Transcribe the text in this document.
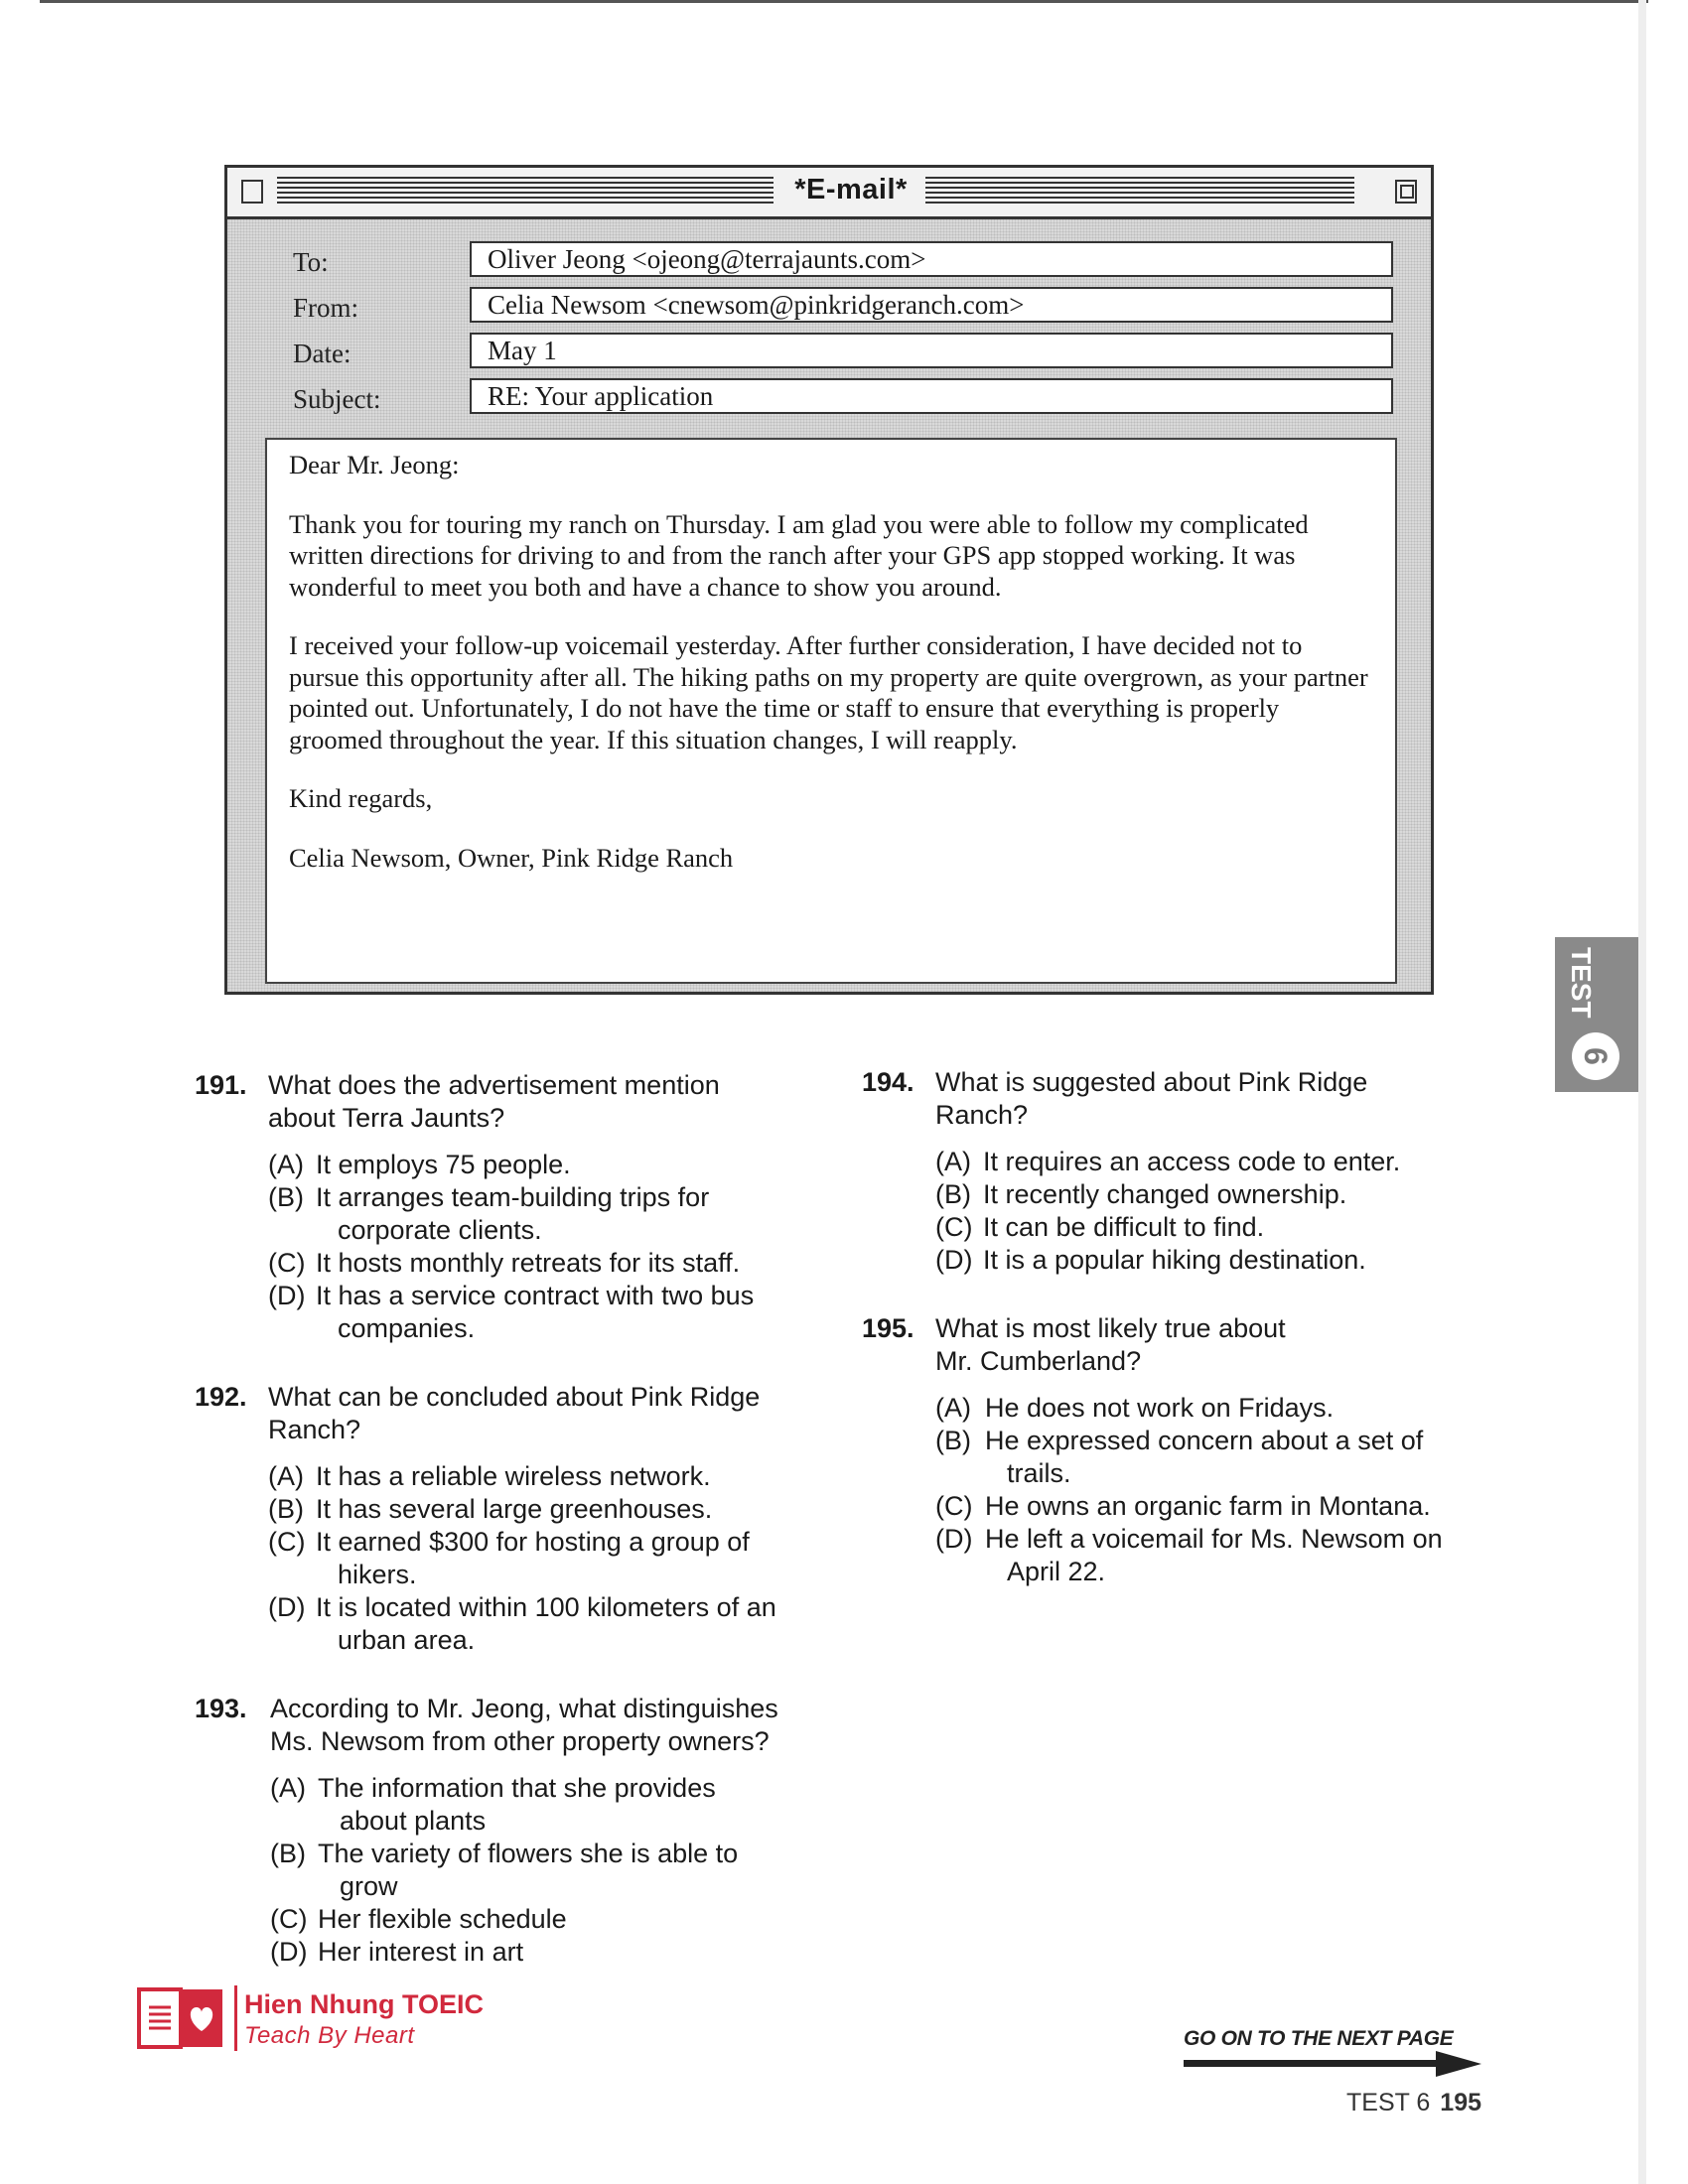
*E-mail*
To:	Oliver Jeong <ojeong@terrajaunts.com>
From:	Celia Newsom <cnewsom@pinkridgeranch.com>
Date:	May 1
Subject:	RE: Your application

Dear Mr. Jeong:

Thank you for touring my ranch on Thursday. I am glad you were able to follow my complicated written directions for driving to and from the ranch after your GPS app stopped working. It was wonderful to meet you both and have a chance to show you around.

I received your follow-up voicemail yesterday. After further consideration, I have decided not to pursue this opportunity after all. The hiking paths on my property are quite overgrown, as your partner pointed out. Unfortunately, I do not have the time or staff to ensure that everything is properly groomed throughout the year. If this situation changes, I will reapply.

Kind regards,

Celia Newsom, Owner, Pink Ridge Ranch

TEST
6
191. What does the advertisement mention
about Terra Jaunts?
(A) It employs 75 people.
(B) It arranges team-building trips for
corporate clients.
(C) It hosts monthly retreats for its staff.
(D) It has a service contract with two bus
companies.
192. What can be concluded about Pink Ridge
Ranch?
(A) It has a reliable wireless network.
(B) It has several large greenhouses.
(C) It earned $300 for hosting a group of
hikers.
(D) It is located within 100 kilometers of an
urban area.
193. According to Mr. Jeong, what distinguishes
Ms. Newsom from other property owners?
(A) The information that she provides
about plants
(B) The variety of flowers she is able to
grow
(C) Her flexible schedule
(D) Her interest in art
194. What is suggested about Pink Ridge
Ranch?
(A) It requires an access code to enter.
(B) It recently changed ownership.
(C) It can be difficult to find.
(D) It is a popular hiking destination.
195. What is most likely true about
Mr. Cumberland?
(A) He does not work on Fridays.
(B) He expressed concern about a set of
trails.
(C) He owns an organic farm in Montana.
(D) He left a voicemail for Ms. Newsom on
April 22.
Hien Nhung TOEIC
Teach By Heart	GO ON TO THE NEXT PAGE
TEST 6 195
